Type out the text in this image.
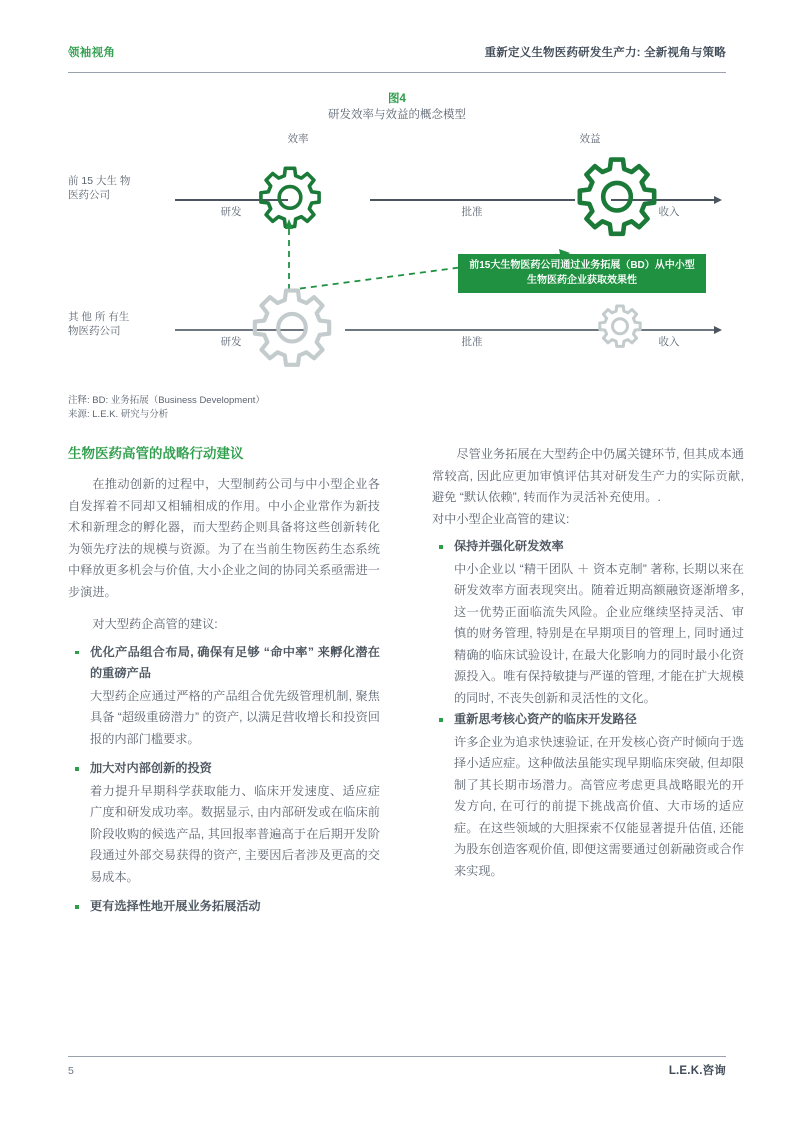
领袖视角	重新定义生物医药研发生产力: 全新视角与策略
图4
研发效率与效益的概念模型
效率	效益
前 15 大生 物
医药公司
研发	批准	收入
前15大生物医药公司通过业务拓展（BD）从中小型
生物医药企业获取效果性
其 他 所 有生
物医药公司
研发	批准	收入
注释: BD: 业务拓展（Business Development）
来源: L.E.K. 研究与分析
生物医药高管的战略行动建议

在推动创新的过程中，大型制药公司与中小型企业各自发挥着不同却又相辅相成的作用。中小企业常作为新技术和新理念的孵化器，而大型药企则具备将这些创新转化为领先疗法的规模与资源。为了在当前生物医药生态系统中释放更多机会与价值, 大小企业之间的协同关系亟需进一步演进。

对大型药企高管的建议:

优化产品组合布局, 确保有足够 “命中率” 来孵化潜在的重磅产品
大型药企应通过严格的产品组合优先级管理机制, 聚焦具备 “超级重磅潜力” 的资产, 以满足营收增长和投资回报的内部门槛要求。
加大对内部创新的投资
着力提升早期科学获取能力、临床开发速度、适应症广度和研发成功率。数据显示, 由内部研发或在临床前阶段收购的候选产品, 其回报率普遍高于在后期开发阶段通过外部交易获得的资产, 主要因后者涉及更高的交易成本。
更有选择性地开展业务拓展活动

尽管业务拓展在大型药企中仍属关键环节, 但其成本通常较高, 因此应更加审慎评估其对研发生产力的实际贡献, 避免 “默认依赖”, 转而作为灵活补充使用。.

对中小型企业高管的建议:

保持并强化研发效率
中小企业以 “精干团队 ＋ 资本克制” 著称, 长期以来在研发效率方面表现突出。随着近期高额融资逐渐增多, 这一优势正面临流失风险。企业应继续坚持灵活、审慎的财务管理, 特别是在早期项目的管理上, 同时通过精确的临床试验设计, 在最大化影响力的同时最小化资源投入。唯有保持敏捷与严谨的管理, 才能在扩大规模的同时, 不丧失创新和灵活性的文化。
重新思考核心资产的临床开发路径
许多企业为追求快速验证, 在开发核心资产时倾向于选择小适应症。这种做法虽能实现早期临床突破, 但却限制了其长期市场潜力。高管应考虑更具战略眼光的开发方向, 在可行的前提下挑战高价值、大市场的适应症。在这些领域的大胆探索不仅能显著提升估值, 还能为股东创造客观价值, 即便这需要通过创新融资或合作来实现。
5	L.E.K.咨询
